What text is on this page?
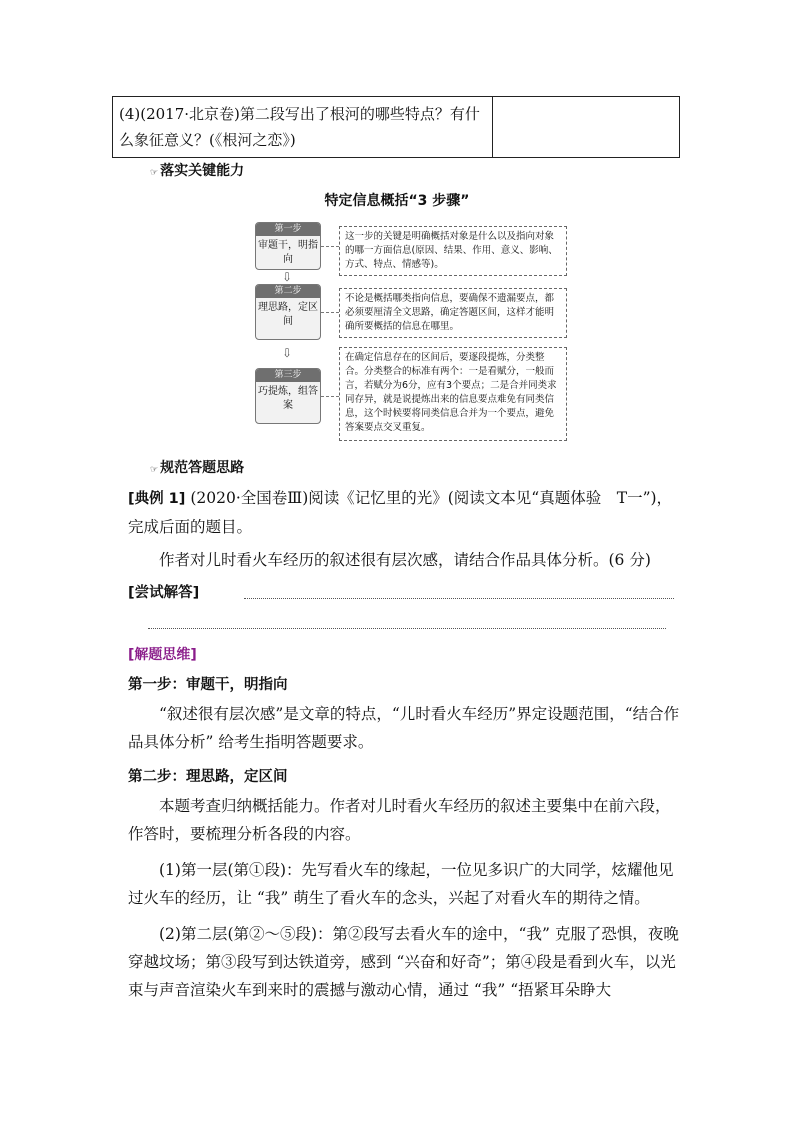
(4)(2017·北京卷)第二段写出了根河的哪些特点？有什么象征意义？(《根河之恋》)
☞ 落实关键能力
特定信息概括“3 步骤”
第一步
审题干，明指向
这一步的关键是明确概括对象是什么以及指向对象的哪一方面信息(原因、结果、作用、意义、影响、方式、特点、情感等)。
⇩
第二步
理思路，定区间
不论是概括哪类指向信息，要确保不遗漏要点，都必须要厘清全文思路，确定答题区间，这样才能明确所要概括的信息在哪里。
⇩
第三步
巧提炼，组答案
在确定信息存在的区间后，要逐段提炼，分类整合。分类整合的标准有两个：一是看赋分，一般而言，若赋分为6分，应有3个要点；二是合并同类求同存异，就是说提炼出来的信息要点难免有同类信息，这个时候要将同类信息合并为一个要点，避免答案要点交叉重复。
☞ 规范答题思路
[典例 1] (2020·全国卷Ⅲ)阅读《记忆里的光》(阅读文本见“真题体验　T一”)，完成后面的题目。
作者对儿时看火车经历的叙述很有层次感，请结合作品具体分析。(6 分)
[尝试解答]
[解题思维]
第一步：审题干，明指向
“叙述很有层次感”是文章的特点，“儿时看火车经历”界定设题范围，“结合作品具体分析” 给考生指明答题要求。
第二步：理思路，定区间
本题考查归纳概括能力。作者对儿时看火车经历的叙述主要集中在前六段，作答时，要梳理分析各段的内容。
(1)第一层(第①段)：先写看火车的缘起，一位见多识广的大同学，炫耀他见过火车的经历，让 “我” 萌生了看火车的念头，兴起了对看火车的期待之情。
(2)第二层(第②～⑤段)：第②段写去看火车的途中，“我” 克服了恐惧，夜晚穿越坟场；第③段写到达铁道旁，感到 “兴奋和好奇”；第④段是看到火车，以光束与声音渲染火车到来时的震撼与激动心情，通过 “我” “捂紧耳朵睁大
